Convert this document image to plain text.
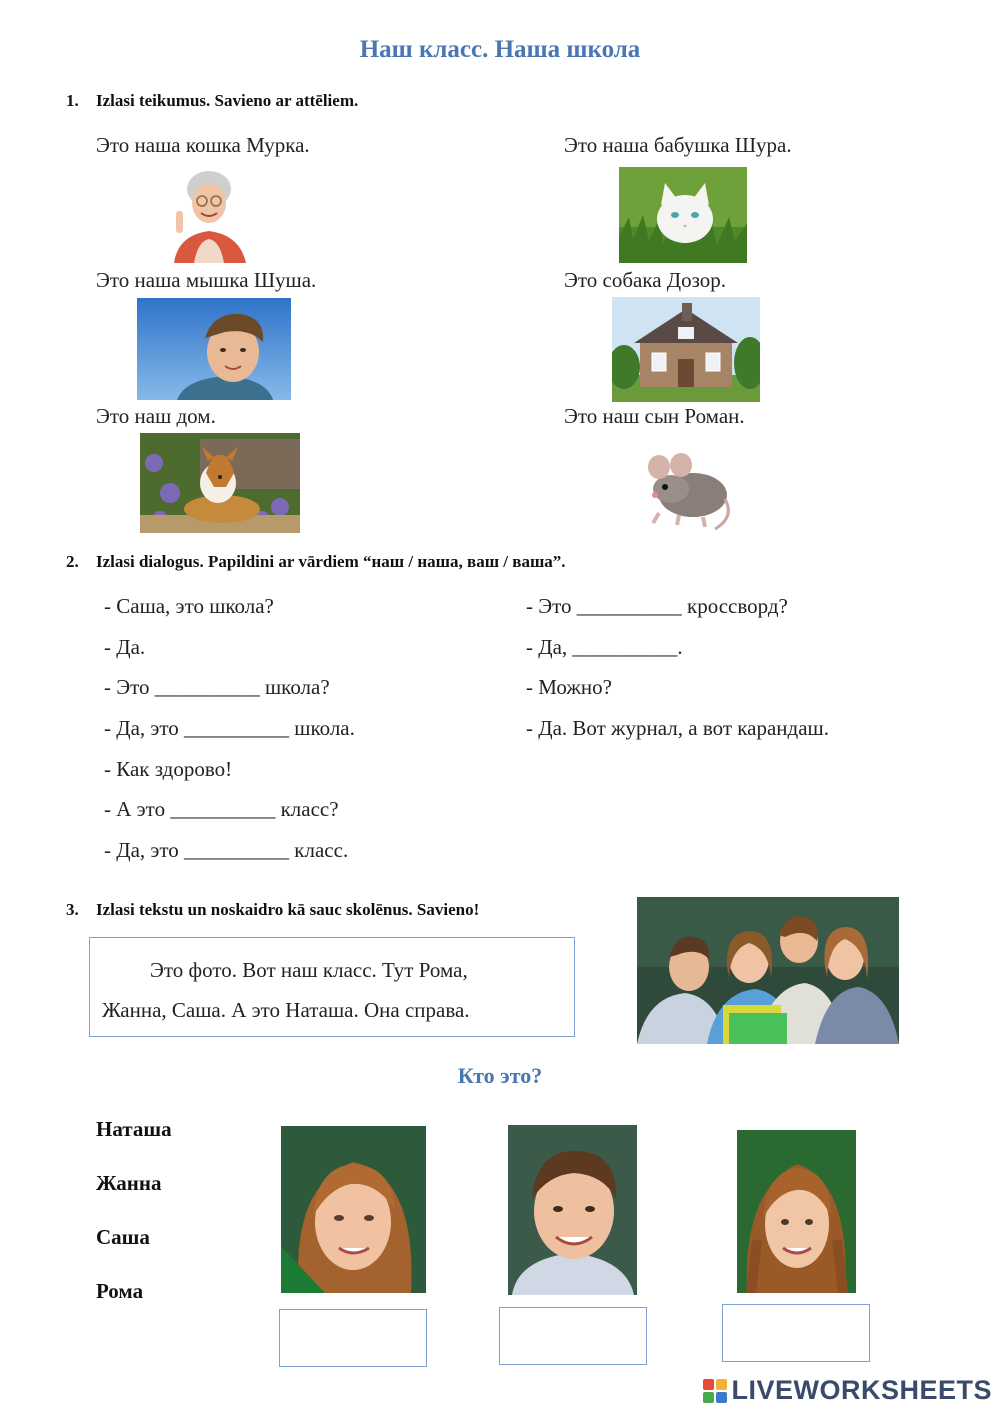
Наш класс. Наша школа
1. Izlasi teikumus. Savieno ar attēliem.
Это наша кошка Мурка.
Это наша мышка Шуша.
Это наш дом.
Это наша бабушка Шура.
Это собака Дозор.
Это наш сын Роман.
2. Izlasi dialogus. Papildini ar vārdiem “наш / наша, ваш / ваша”.
- Саша, это школа?
- Да.
- Это __________ школа?
- Да, это __________ школа.
- Как здорово!
- А это __________ класс?
- Да, это __________ класс.
- Это __________ кроссворд?
- Да, __________.
- Можно?
- Да. Вот журнал, а вот карандаш.
3. Izlasi tekstu un noskaidro kā sauc skolēnus. Savieno!
Это фото. Вот наш класс. Тут Рома,
Жанна, Саша. А это Наташа. Она справа.
Кто это?
Наташа
Жанна
Саша
Рома
LIVEWORKSHEETS
